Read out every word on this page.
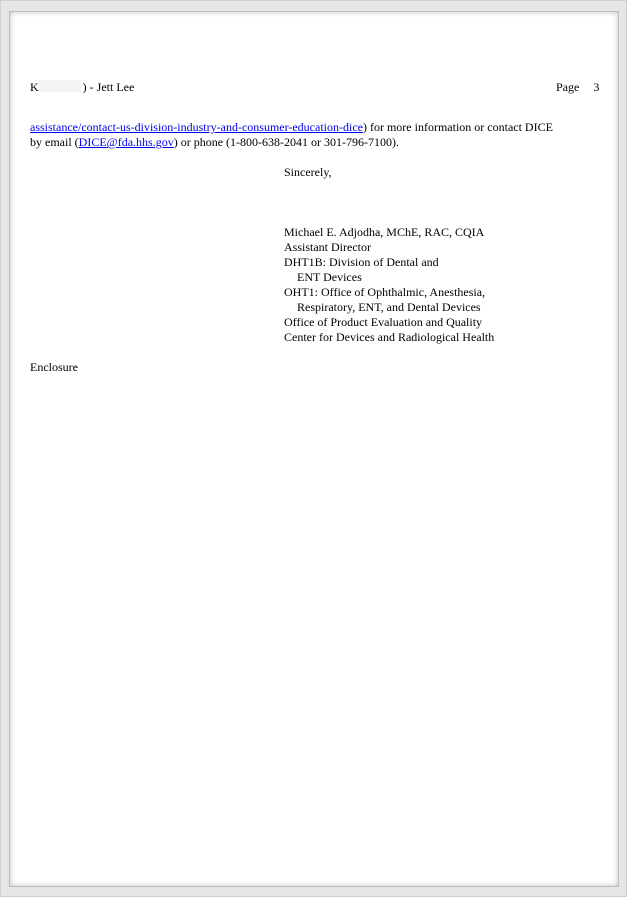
K	) - Jett Lee	Page 3
assistance/contact-us-division-industry-and-consumer-education-dice) for more information or contact DICE
by email (DICE@fda.hhs.gov) or phone (1-800-638-2041 or 301-796-7100).
Sincerely,
Michael E. Adjodha, MChE, RAC, CQIA
Assistant Director
DHT1B: Division of Dental and
ENT Devices
OHT1: Office of Ophthalmic, Anesthesia,
Respiratory, ENT, and Dental Devices
Office of Product Evaluation and Quality
Center for Devices and Radiological Health
Enclosure
